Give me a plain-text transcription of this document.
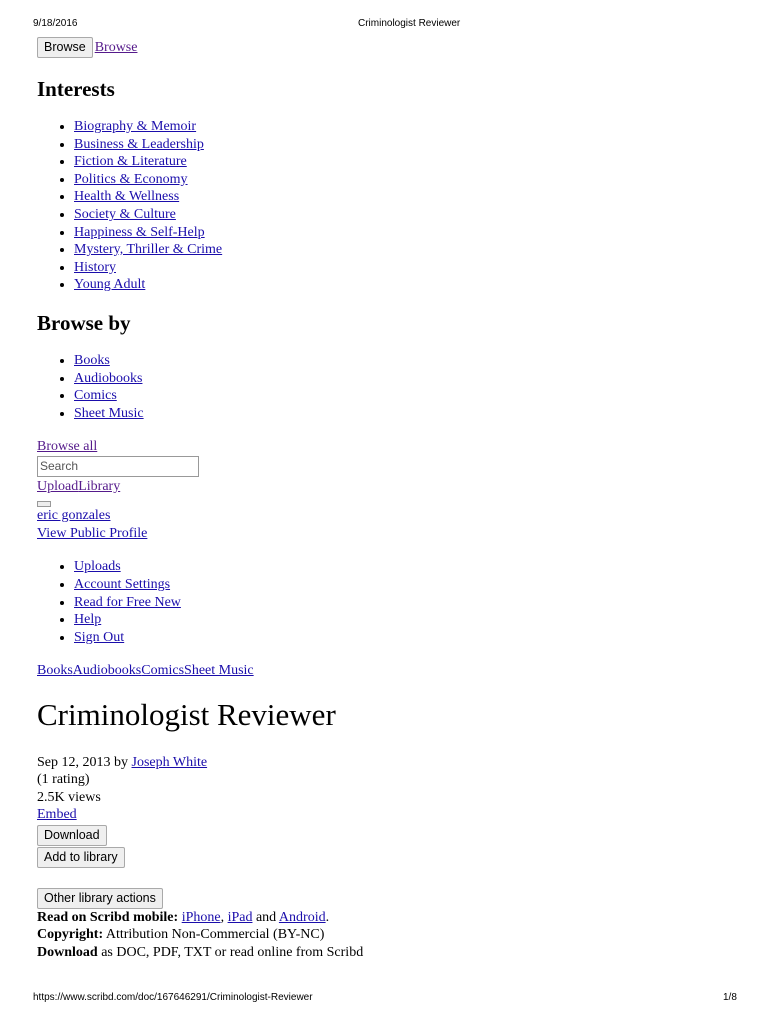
9/18/2016	Criminologist Reviewer
Browse Browse
Interests
• Biography & Memoir
• Business & Leadership
• Fiction & Literature
• Politics & Economy
• Health & Wellness
• Society & Culture
• Happiness & Self-Help
• Mystery, Thriller & Crime
• History
• Young Adult
Browse by
• Books
• Audiobooks
• Comics
• Sheet Music
Browse all
Search
UploadLibrary
eric gonzales
View Public Profile
• Uploads
• Account Settings
• Read for Free New
• Help
• Sign Out
BooksAudiobooksComicsSheet Music
Criminologist Reviewer
Sep 12, 2013 by Joseph White
(1 rating)
2.5K views
Embed
Download
Add to library
Other library actions
Read on Scribd mobile: iPhone, iPad and Android.
Copyright: Attribution Non-Commercial (BY-NC)
Download as DOC, PDF, TXT or read online from Scribd
https://www.scribd.com/doc/167646291/Criminologist-Reviewer	1/8
